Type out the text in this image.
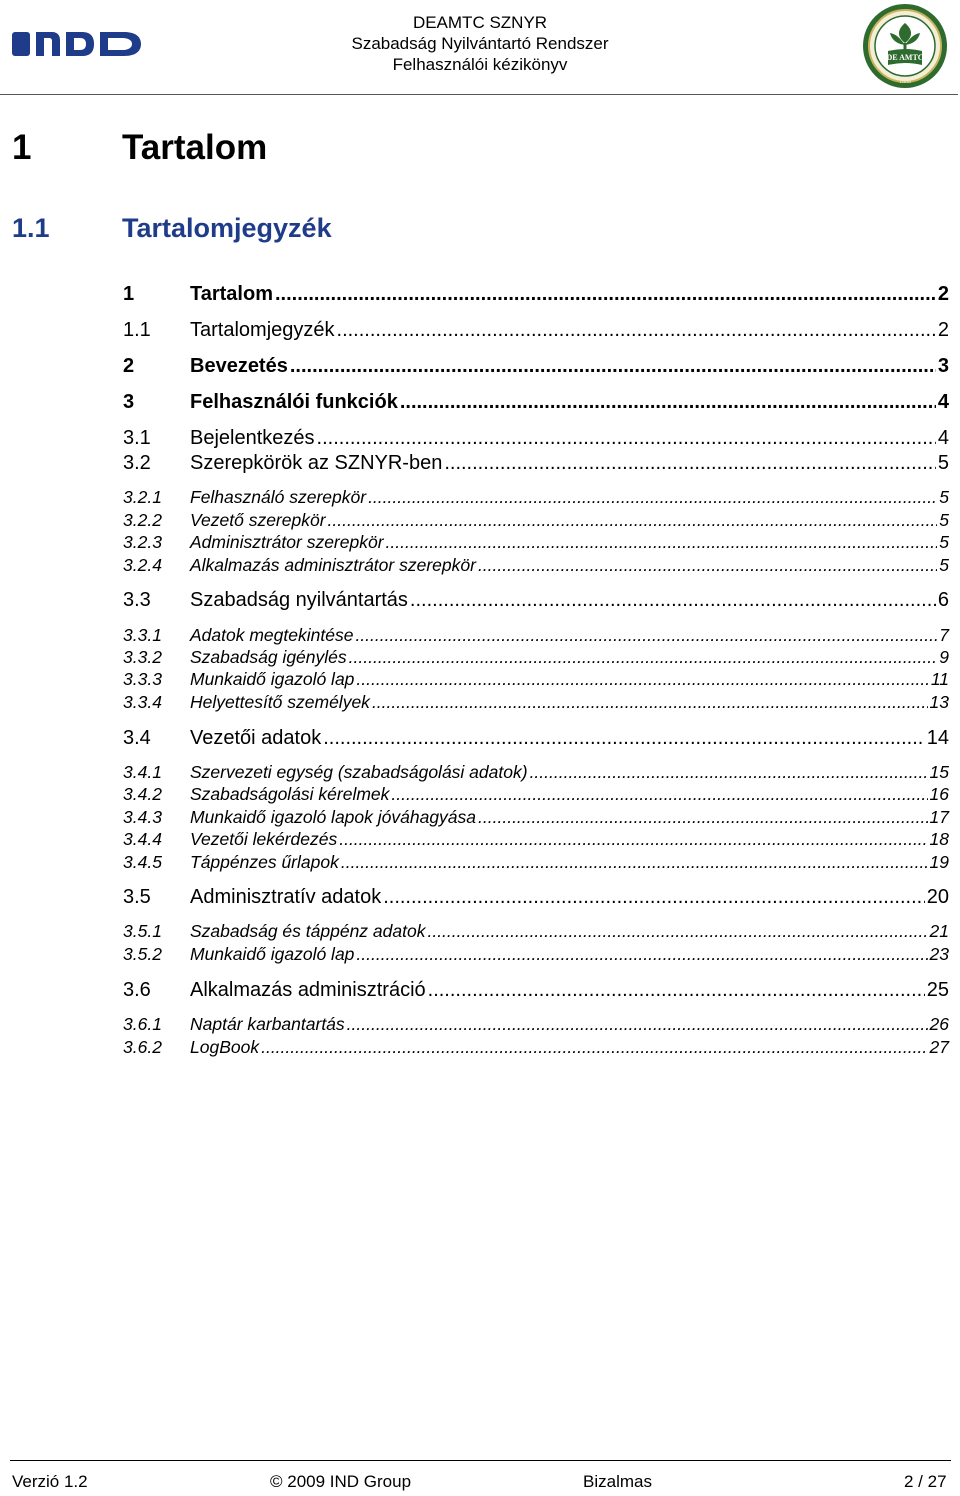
DEAMTC SZNYR
Szabadság Nyilvántartó Rendszer
Felhasználói kézikönyv	DE AMTC
1868
1	Tartalom
1.1	Tartalomjegyzék
1	Tartalom .....	2
1.1	Tartalomjegyzék .....	2
2	Bevezetés .....	3
3	Felhasználói funkciók .....	4
3.1	Bejelentkezés .....	4
3.2	Szerepkörök az SZNYR-ben .....	5
3.2.1	Felhasználó szerepkör .....	5
3.2.2	Vezető szerepkör .....	5
3.2.3	Adminisztrátor szerepkör .....	5
3.2.4	Alkalmazás adminisztrátor szerepkör .....	5
3.3	Szabadság nyilvántartás .....	6
3.3.1	Adatok megtekintése .....	7
3.3.2	Szabadság igénylés .....	9
3.3.3	Munkaidő igazoló lap .....	11
3.3.4	Helyettesítő személyek .....	13
3.4	Vezetői adatok .....	14
3.4.1	Szervezeti egység (szabadságolási adatok) .....	15
3.4.2	Szabadságolási kérelmek .....	16
3.4.3	Munkaidő igazoló lapok jóváhagyása .....	17
3.4.4	Vezetői lekérdezés .....	18
3.4.5	Táppénzes űrlapok .....	19
3.5	Adminisztratív adatok .....	20
3.5.1	Szabadság és táppénz adatok .....	21
3.5.2	Munkaidő igazoló lap .....	23
3.6	Alkalmazás adminisztráció .....	25
3.6.1	Naptár karbantartás .....	26
3.6.2	LogBook .....	27
Verzió 1.2	© 2009 IND Group	Bizalmas	2 / 27
